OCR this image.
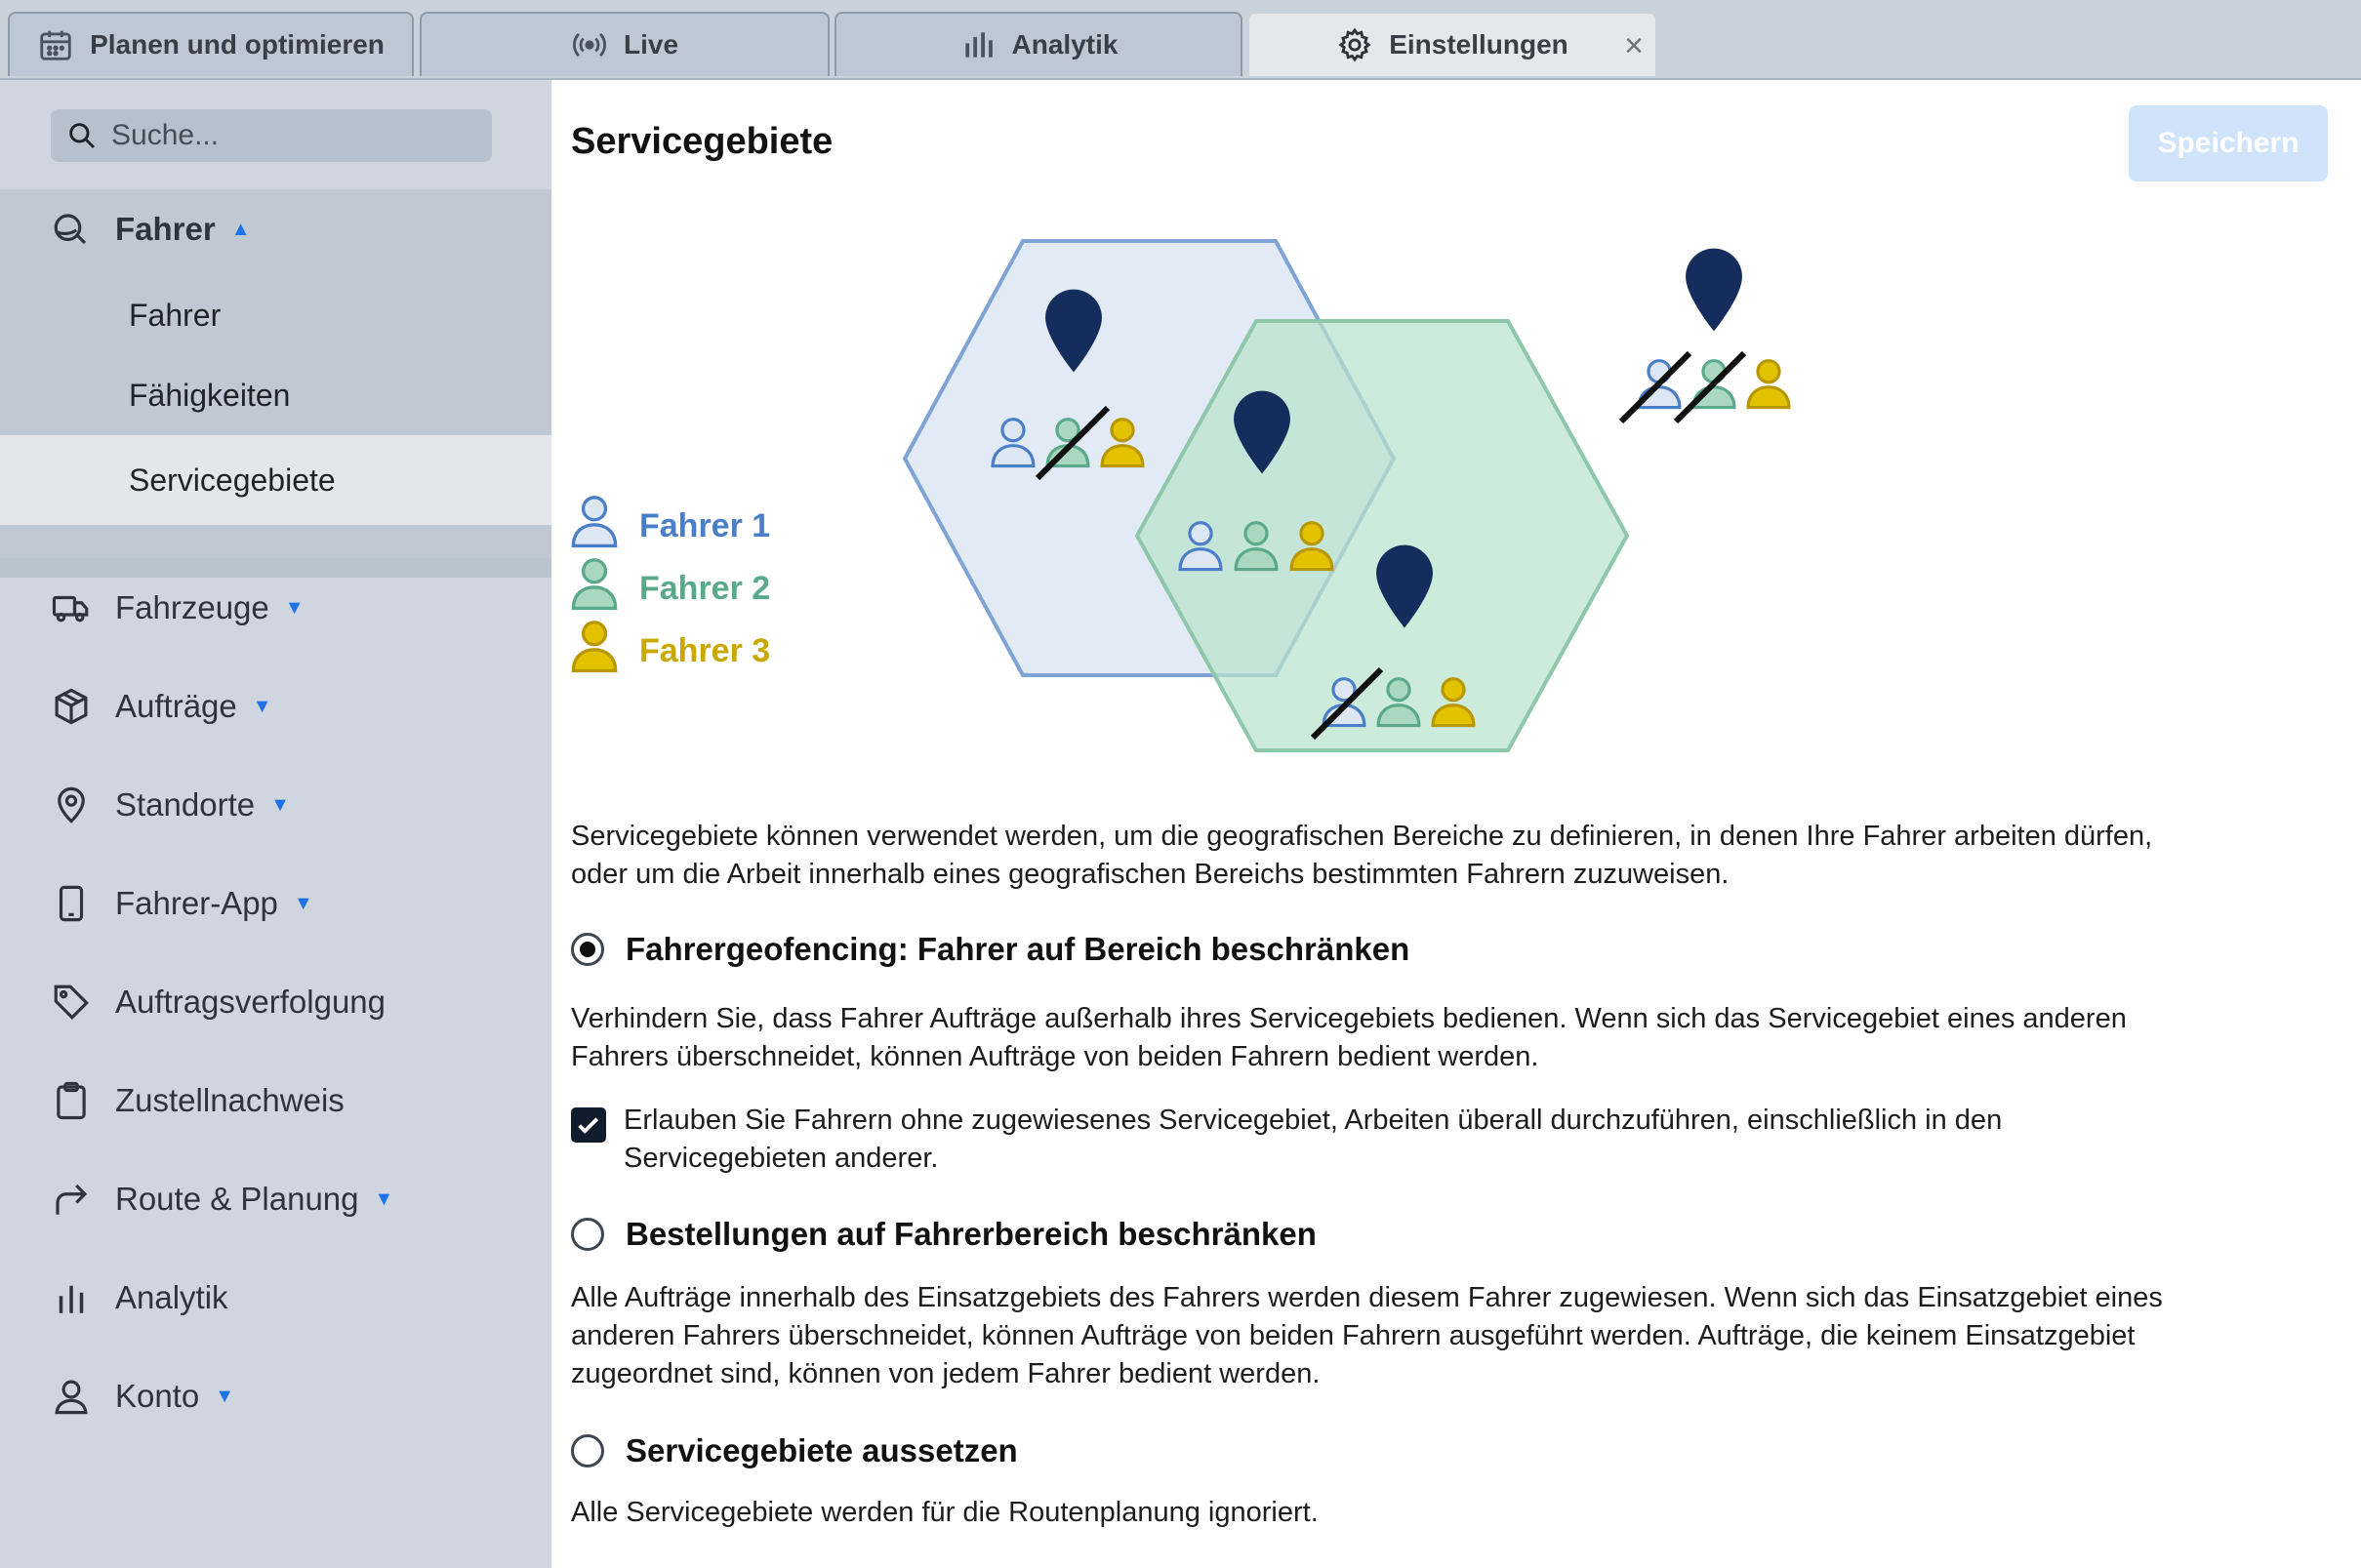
Planen und optimieren	Live	Analytik	Einstellungen ×
Suche...
Fahrer ▲
Fahrer
Fähigkeiten
Servicegebiete
Fahrzeuge ▼
Aufträge ▼
Standorte ▼
Fahrer-App ▼
Auftragsverfolgung
Zustellnachweis
Route & Planung ▼
Analytik
Konto ▼
Servicegebiete	Speichern
Fahrer 1
Fahrer 2
Fahrer 3
Servicegebiete können verwendet werden, um die geografischen Bereiche zu definieren, in denen Ihre Fahrer arbeiten dürfen, oder um die Arbeit innerhalb eines geografischen Bereichs bestimmten Fahrern zuzuweisen.
Fahrergeofencing: Fahrer auf Bereich beschränken
Verhindern Sie, dass Fahrer Aufträge außerhalb ihres Servicegebiets bedienen. Wenn sich das Servicegebiet eines anderen Fahrers überschneidet, können Aufträge von beiden Fahrern bedient werden.
Erlauben Sie Fahrern ohne zugewiesenes Servicegebiet, Arbeiten überall durchzuführen, einschließlich in den Servicegebieten anderer.
Bestellungen auf Fahrerbereich beschränken
Alle Aufträge innerhalb des Einsatzgebiets des Fahrers werden diesem Fahrer zugewiesen. Wenn sich das Einsatzgebiet eines anderen Fahrers überschneidet, können Aufträge von beiden Fahrern ausgeführt werden. Aufträge, die keinem Einsatzgebiet zugeordnet sind, können von jedem Fahrer bedient werden.
Servicegebiete aussetzen
Alle Servicegebiete werden für die Routenplanung ignoriert.
